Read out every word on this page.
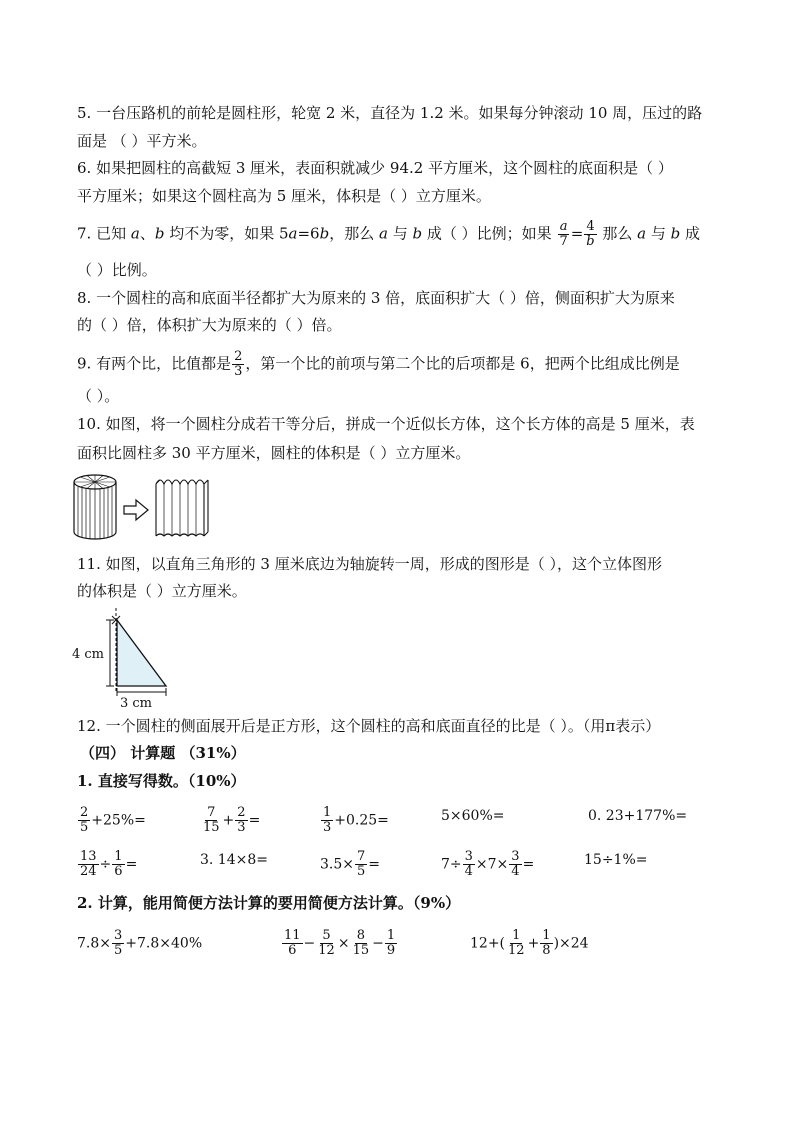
5. 一台压路机的前轮是圆柱形，轮宽 2 米，直径为 1.2 米。如果每分钟滚动 10 周，压过的路
面是 （ ）平方米。
6. 如果把圆柱的高截短 3 厘米，表面积就减少 94.2 平方厘米，这个圆柱的底面积是（ ）
平方厘米；如果这个圆柱高为 5 厘米，体积是（ ）立方厘米。
7. 已知 a、b 均不为零，如果 5a=6b，那么 a 与 b 成（ ）比例；如果 $\frac{a}{7} = \frac{4}{b}$ 那么 a 与 b 成
（ ）比例。
8. 一个圆柱的高和底面半径都扩大为原来的 3 倍，底面积扩大（ ）倍，侧面积扩大为原来
的（ ）倍，体积扩大为原来的（ ）倍。
9. 有两个比，比值都是 $\frac{2}{3}$ ，第一个比的前项与第二个比的后项都是 6，把两个比组成比例是
（ ）。
10. 如图，将一个圆柱分成若干等分后，拼成一个近似长方体，这个长方体的高是 5 厘米，表
面积比圆柱多 30 平方厘米，圆柱的体积是（ ）立方厘米。
11. 如图，以直角三角形的 3 厘米底边为轴旋转一周，形成的图形是（ ），这个立体图形
的体积是（ ）立方厘米。
4 cm
3 cm
12. 一个圆柱的侧面展开后是正方形，这个圆柱的高和底面直径的比是（ ）。（用π表示）
（四） 计算题 （31%）
1. 直接写得数。（10%）
$\frac{2}{5} +25\%=$	$\frac{7}{15} + \frac{2}{3}$ =	$\frac{1}{3} +0.25=$	5×60%=	0. 23+177%=
$\frac{13}{24} \div \frac{1}{6}$ =	3. 14×8=	$3.5\times \frac{7}{5}$ =	$7\div \frac{3}{4} \times 7\times \frac{3}{4}$ =	15÷1%=
2. 计算，能用简便方法计算的要用简便方法计算。（9%）
$7.8\times \frac{3}{5} +7.8\times 40\%$	$\frac{11}{6} - \frac{5}{12} \times \frac{8}{15} - \frac{1}{9}$	$12+( \frac{1}{12} + \frac{1}{8} )\times 24$
